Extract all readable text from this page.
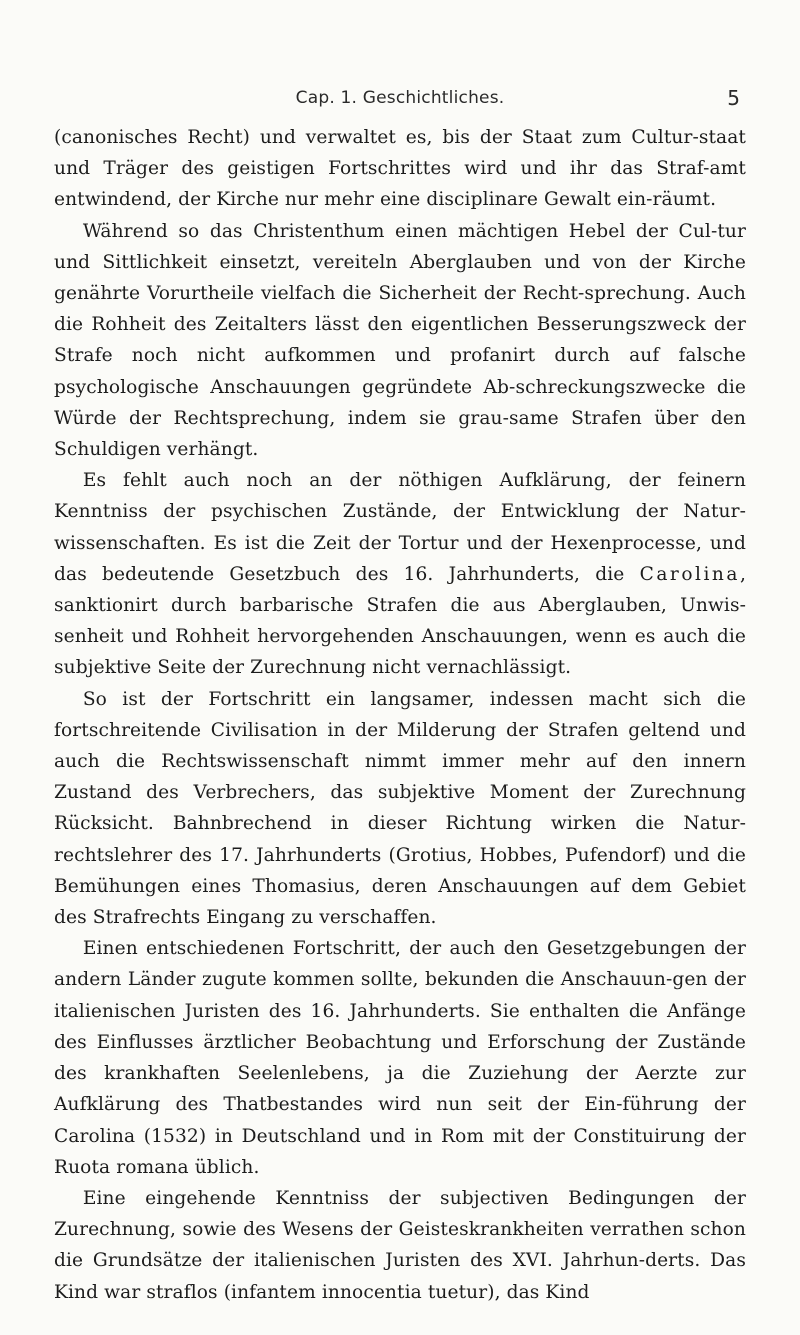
Cap. 1. Geschichtliches.	5

(canonisches Recht) und verwaltet es, bis der Staat zum Cultur-staat und Träger des geistigen Fortschrittes wird und ihr das Straf-amt entwindend, der Kirche nur mehr eine disciplinare Gewalt ein-räumt.

Während so das Christenthum einen mächtigen Hebel der Cul-tur und Sittlichkeit einsetzt, vereiteln Aberglauben und von der Kirche genährte Vorurtheile vielfach die Sicherheit der Recht-sprechung. Auch die Rohheit des Zeitalters lässt den eigentlichen Besserungszweck der Strafe noch nicht aufkommen und profanirt durch auf falsche psychologische Anschauungen gegründete Ab-schreckungszwecke die Würde der Rechtsprechung, indem sie grau-same Strafen über den Schuldigen verhängt.

Es fehlt auch noch an der nöthigen Aufklärung, der feinern Kenntniss der psychischen Zustände, der Entwicklung der Natur-wissenschaften. Es ist die Zeit der Tortur und der Hexenprocesse, und das bedeutende Gesetzbuch des 16. Jahrhunderts, die Carolina, sanktionirt durch barbarische Strafen die aus Aberglauben, Unwis-senheit und Rohheit hervorgehenden Anschauungen, wenn es auch die subjektive Seite der Zurechnung nicht vernachlässigt.

So ist der Fortschritt ein langsamer, indessen macht sich die fortschreitende Civilisation in der Milderung der Strafen geltend und auch die Rechtswissenschaft nimmt immer mehr auf den innern Zustand des Verbrechers, das subjektive Moment der Zurechnung Rücksicht. Bahnbrechend in dieser Richtung wirken die Natur-rechtslehrer des 17. Jahrhunderts (Grotius, Hobbes, Pufendorf) und die Bemühungen eines Thomasius, deren Anschauungen auf dem Gebiet des Strafrechts Eingang zu verschaffen.

Einen entschiedenen Fortschritt, der auch den Gesetzgebungen der andern Länder zugute kommen sollte, bekunden die Anschauun-gen der italienischen Juristen des 16. Jahrhunderts. Sie enthalten die Anfänge des Einflusses ärztlicher Beobachtung und Erforschung der Zustände des krankhaften Seelenlebens, ja die Zuziehung der Aerzte zur Aufklärung des Thatbestandes wird nun seit der Ein-führung der Carolina (1532) in Deutschland und in Rom mit der Constituirung der Ruota romana üblich.

Eine eingehende Kenntniss der subjectiven Bedingungen der Zurechnung, sowie des Wesens der Geisteskrankheiten verrathen schon die Grundsätze der italienischen Juristen des XVI. Jahrhun-derts. Das Kind war straflos (infantem innocentia tuetur), das Kind
